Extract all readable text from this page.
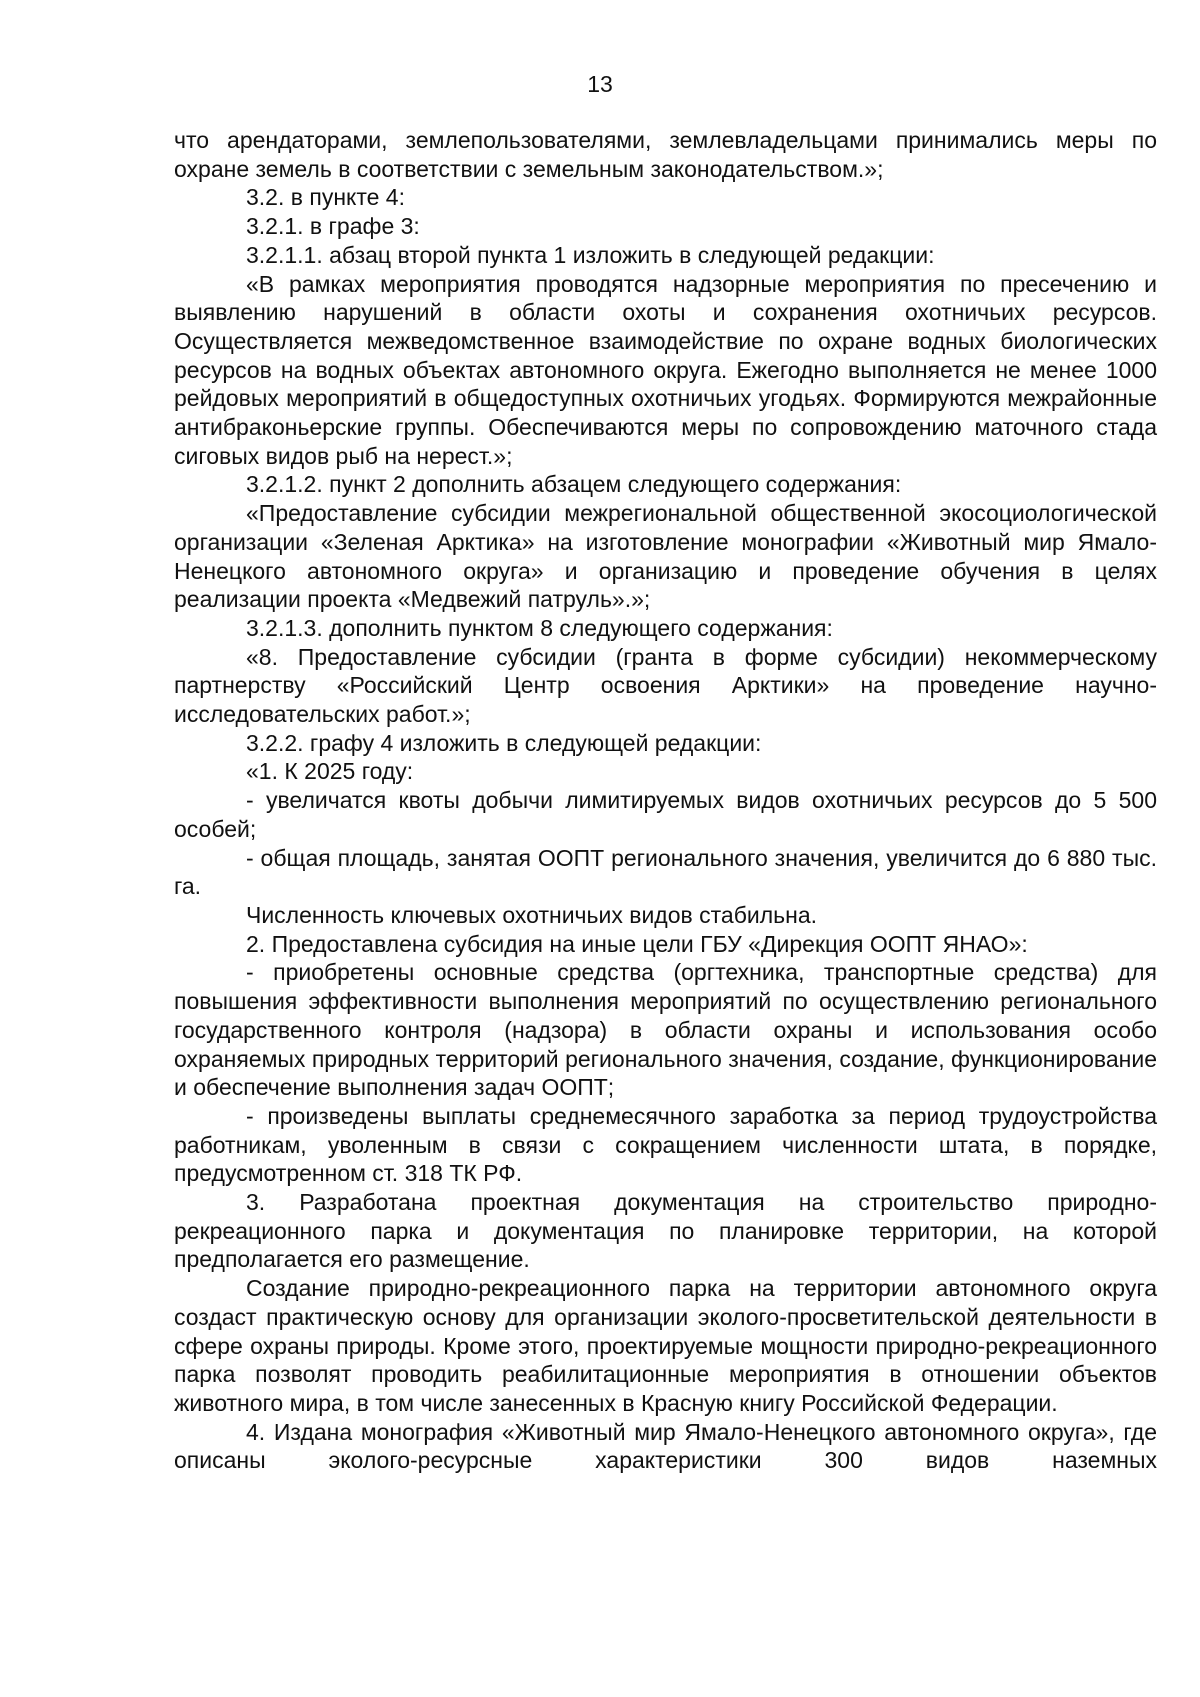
13

что арендаторами, землепользователями, землевладельцами принимались меры по охране земель в соответствии с земельным законодательством.»;

3.2. в пункте 4:

3.2.1. в графе 3:

3.2.1.1. абзац второй пункта 1 изложить в следующей редакции:

«В рамках мероприятия проводятся надзорные мероприятия по пресечению и выявлению нарушений в области охоты и сохранения охотничьих ресурсов. Осуществляется межведомственное взаимодействие по охране водных биологических ресурсов на водных объектах автономного округа. Ежегодно выполняется не менее 1000 рейдовых мероприятий в общедоступных охотничьих угодьях. Формируются межрайонные антибраконьерские группы. Обеспечиваются меры по сопровождению маточного стада сиговых видов рыб на нерест.»;

3.2.1.2. пункт 2 дополнить абзацем следующего содержания:

«Предоставление субсидии межрегиональной общественной экосоциологической организации «Зеленая Арктика» на изготовление монографии «Животный мир Ямало-Ненецкого автономного округа» и организацию и проведение обучения в целях реализации проекта «Медвежий патруль».»;

3.2.1.3. дополнить пунктом 8 следующего содержания:

«8. Предоставление субсидии (гранта в форме субсидии) некоммерческому партнерству «Российский Центр освоения Арктики» на проведение научно-исследовательских работ.»;

3.2.2. графу 4 изложить в следующей редакции:

«1. К 2025 году:

- увеличатся квоты добычи лимитируемых видов охотничьих ресурсов до 5 500 особей;

- общая площадь, занятая ООПТ регионального значения, увеличится до 6 880 тыс. га.

Численность ключевых охотничьих видов стабильна.

2. Предоставлена субсидия на иные цели ГБУ «Дирекция ООПТ ЯНАО»:

- приобретены основные средства (оргтехника, транспортные средства) для повышения эффективности выполнения мероприятий по осуществлению регионального государственного контроля (надзора) в области охраны и использования особо охраняемых природных территорий регионального значения, создание, функционирование и обеспечение выполнения задач ООПТ;

- произведены выплаты среднемесячного заработка за период трудоустройства работникам, уволенным в связи с сокращением численности штата, в порядке, предусмотренном ст. 318 ТК РФ.

3. Разработана проектная документация на строительство природно-рекреационного парка и документация по планировке территории, на которой предполагается его размещение.

Создание природно-рекреационного парка на территории автономного округа создаст практическую основу для организации эколого-просветительской деятельности в сфере охраны природы. Кроме этого, проектируемые мощности природно-рекреационного парка позволят проводить реабилитационные мероприятия в отношении объектов животного мира, в том числе занесенных в Красную книгу Российской Федерации.

4. Издана монография «Животный мир Ямало-Ненецкого автономного округа», где описаны эколого-ресурсные характеристики 300 видов наземных
